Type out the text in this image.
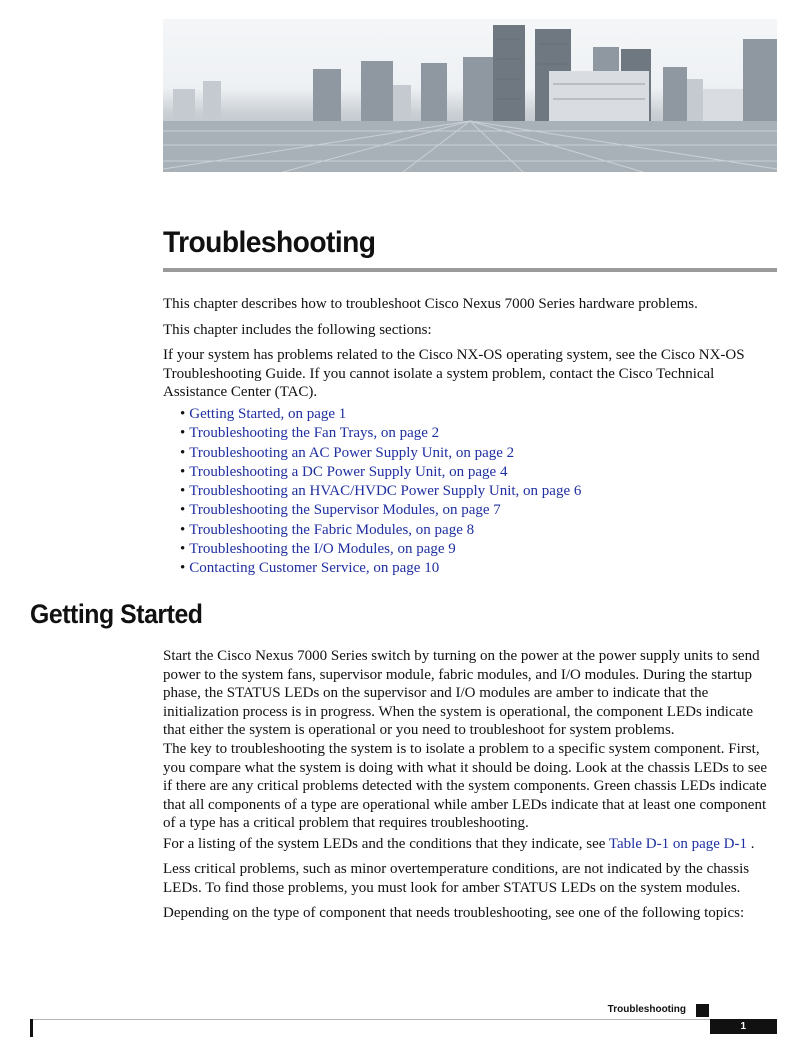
Troubleshooting

This chapter describes how to troubleshoot Cisco Nexus 7000 Series hardware problems.

This chapter includes the following sections:

If your system has problems related to the Cisco NX-OS operating system, see the Cisco NX-OS Troubleshooting Guide. If you cannot isolate a system problem, contact the Cisco Technical Assistance Center (TAC).

• Getting Started, on page 1
• Troubleshooting the Fan Trays, on page 2
• Troubleshooting an AC Power Supply Unit, on page 2
• Troubleshooting a DC Power Supply Unit, on page 4
• Troubleshooting an HVAC/HVDC Power Supply Unit, on page 6
• Troubleshooting the Supervisor Modules, on page 7
• Troubleshooting the Fabric Modules, on page 8
• Troubleshooting the I/O Modules, on page 9
• Contacting Customer Service, on page 10
Getting Started

Start the Cisco Nexus 7000 Series switch by turning on the power at the power supply units to send power to the system fans, supervisor module, fabric modules, and I/O modules. During the startup phase, the STATUS LEDs on the supervisor and I/O modules are amber to indicate that the initialization process is in progress. When the system is operational, the component LEDs indicate that either the system is operational or you need to troubleshoot for system problems.

The key to troubleshooting the system is to isolate a problem to a specific system component. First, you compare what the system is doing with what it should be doing. Look at the chassis LEDs to see if there are any critical problems detected with the system components. Green chassis LEDs indicate that all components of a type are operational while amber LEDs indicate that at least one component of a type has a critical problem that requires troubleshooting.

For a listing of the system LEDs and the conditions that they indicate, see Table D-1 on page D-1 .

Less critical problems, such as minor overtemperature conditions, are not indicated by the chassis LEDs. To find those problems, you must look for amber STATUS LEDs on the system modules.

Depending on the type of component that needs troubleshooting, see one of the following topics:

Troubleshooting
1
